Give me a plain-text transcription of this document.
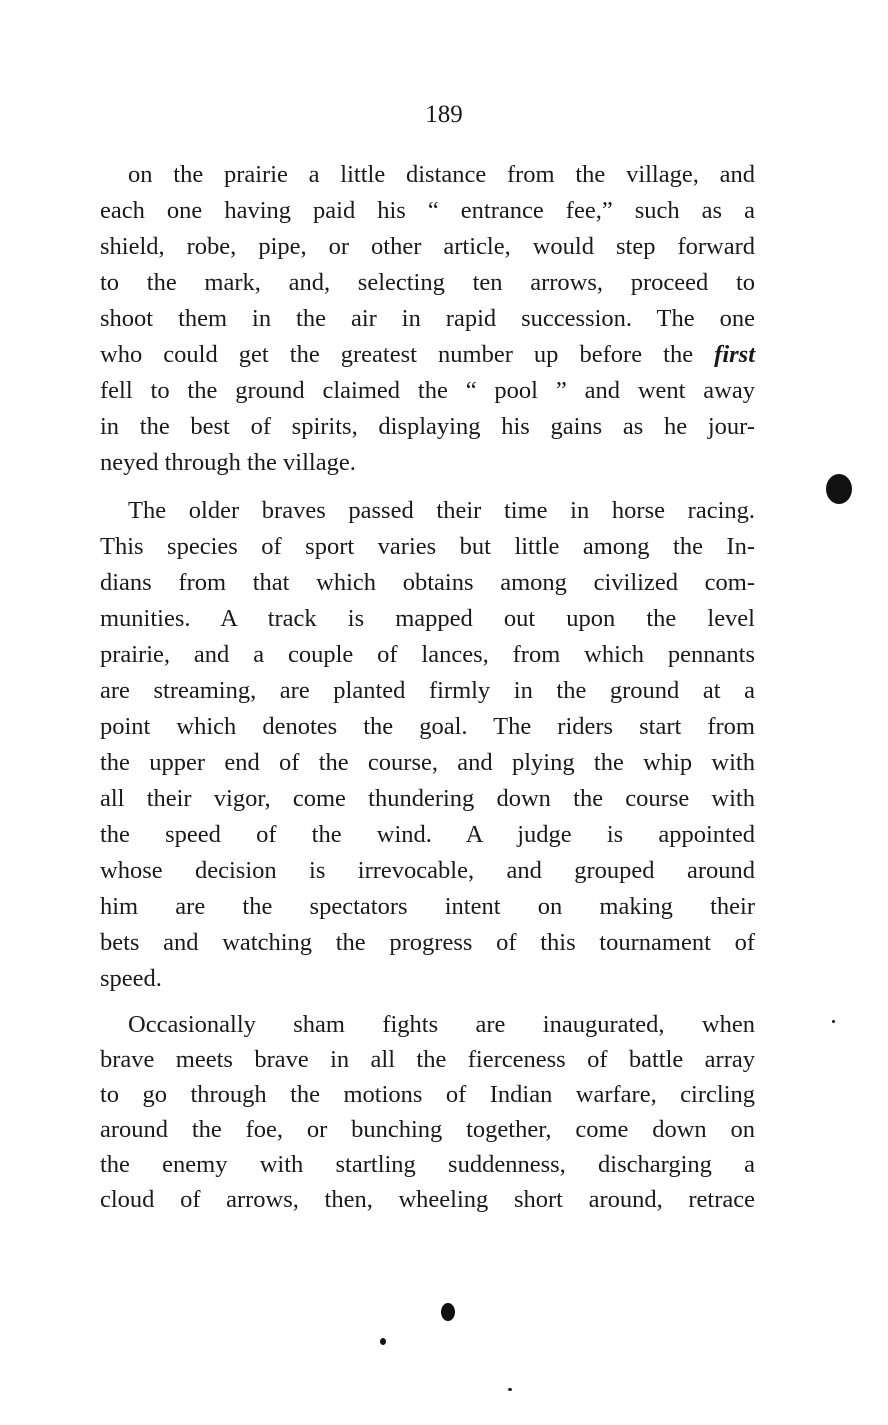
189
on the prairie a little distance from the village, and
each one having paid his “ entrance fee,” such as a
shield, robe, pipe, or other article, would step forward
to the mark, and, selecting ten arrows, proceed to
shoot them in the air in rapid succession. The one
who could get the greatest number up before the first
fell to the ground claimed the “ pool ” and went away
in the best of spirits, displaying his gains as he jour-
neyed through the village.
The older braves passed their time in horse racing.
This species of sport varies but little among the In-
dians from that which obtains among civilized com-
munities. A track is mapped out upon the level
prairie, and a couple of lances, from which pennants
are streaming, are planted firmly in the ground at a
point which denotes the goal. The riders start from
the upper end of the course, and plying the whip with
all their vigor, come thundering down the course with
the speed of the wind. A judge is appointed
whose decision is irrevocable, and grouped around
him are the spectators intent on making their
bets and watching the progress of this tournament of
speed.
Occasionally sham fights are inaugurated, when
brave meets brave in all the fierceness of battle array
to go through the motions of Indian warfare, circling
around the foe, or bunching together, come down on
the enemy with startling suddenness, discharging a
cloud of arrows, then, wheeling short around, retrace
